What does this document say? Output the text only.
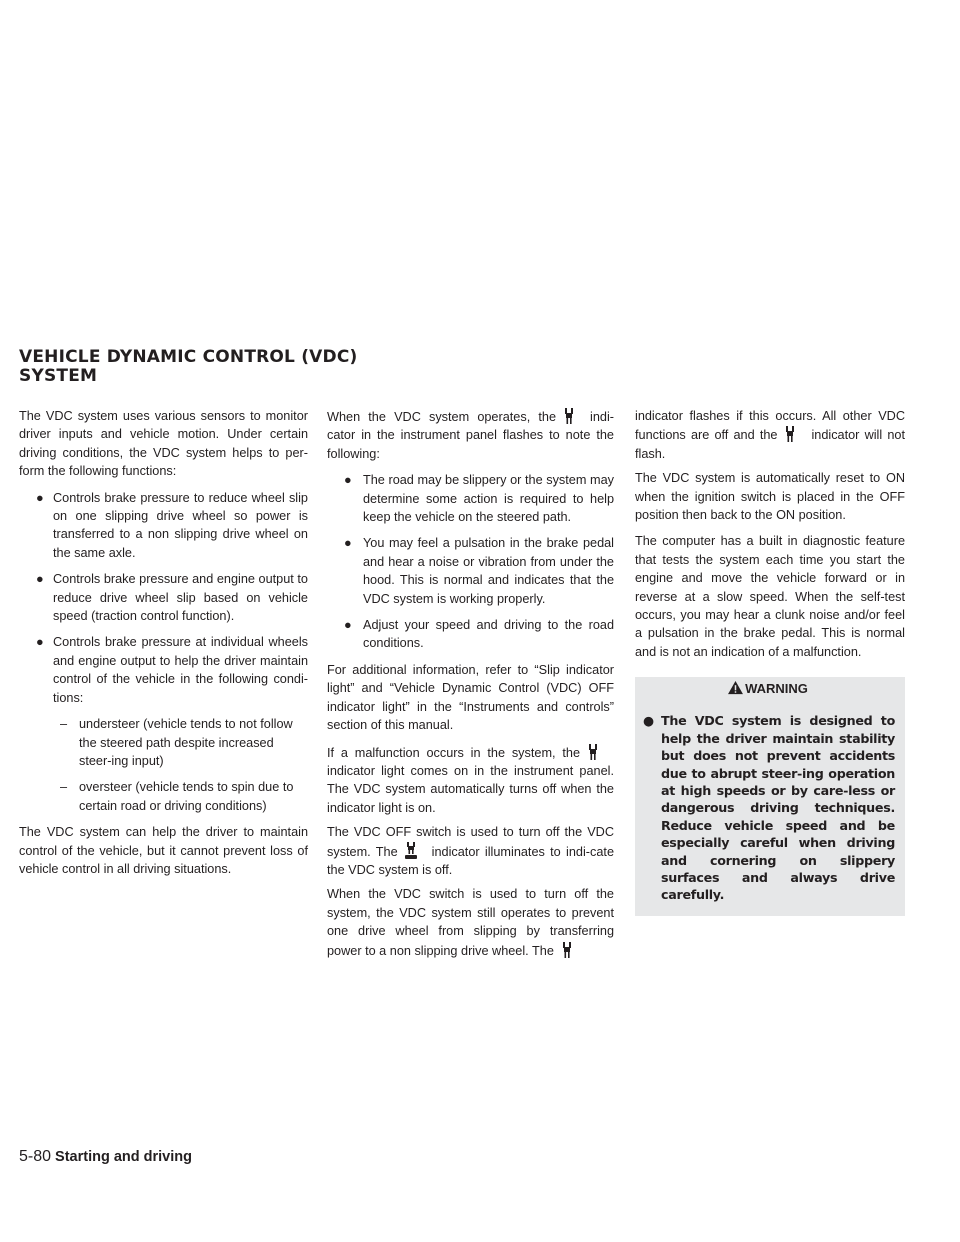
VEHICLE DYNAMIC CONTROL (VDC)
SYSTEM

The VDC system uses various sensors to monitor driver inputs and vehicle motion. Under certain driving conditions, the VDC system helps to per-form the following functions:

● Controls brake pressure to reduce wheel slip on one slipping drive wheel so power is transferred to a non slipping drive wheel on the same axle.
● Controls brake pressure and engine output to reduce drive wheel slip based on vehicle speed (traction control function).
● Controls brake pressure at individual wheels and engine output to help the driver maintain control of the vehicle in the following condi-tions:
– understeer (vehicle tends to not follow the steered path despite increased steer-ing input)
– oversteer (vehicle tends to spin due to certain road or driving conditions)

The VDC system can help the driver to maintain control of the vehicle, but it cannot prevent loss of vehicle control in all driving situations.

When the VDC system operates, the	indi-cator in the instrument panel flashes to note the following:

● The road may be slippery or the system may determine some action is required to help keep the vehicle on the steered path.
● You may feel a pulsation in the brake pedal and hear a noise or vibration from under the hood. This is normal and indicates that the VDC system is working properly.
● Adjust your speed and driving to the road conditions.

For additional information, refer to “Slip indicator light” and “Vehicle Dynamic Control (VDC) OFF indicator light” in the “Instruments and controls” section of this manual.

If a malfunction occurs in the system, the
indicator light comes on in the instrument panel. The VDC system automatically turns off when the indicator light is on.

The VDC OFF switch is used to turn off the VDC system. The	indicator illuminates to indi-cate the VDC system is off.

When the VDC switch is used to turn off the system, the VDC system still operates to prevent one drive wheel from slipping by transferring power to a non slipping drive wheel. The

indicator flashes if this occurs. All other VDC functions are off and the	indicator will not flash.

The VDC system is automatically reset to ON when the ignition switch is placed in the OFF position then back to the ON position.

The computer has a built in diagnostic feature that tests the system each time you start the engine and move the vehicle forward or in reverse at a slow speed. When the self-test occurs, you may hear a clunk noise and/or feel a pulsation in the brake pedal. This is normal and is not an indication of a malfunction.

WARNING
● The VDC system is designed to help the driver maintain stability but does not prevent accidents due to abrupt steer-ing operation at high speeds or by care-less or dangerous driving techniques. Reduce vehicle speed and be especially careful when driving and cornering on slippery surfaces and always drive carefully.
5-80 Starting and driving
